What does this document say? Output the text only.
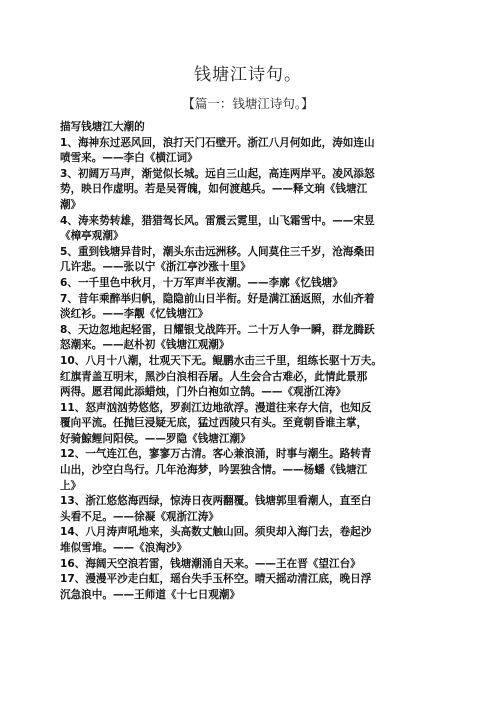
钱塘江诗句。
【篇一：钱塘江诗句。】
描写钱塘江大潮的
1、海神东过恶风回，浪打天门石壁开。浙江八月何如此，涛如连山
喷雪来。——李白《横江词》
3、初阔万马声，渐觉似长城。远自三山起，高连两岸平。凌风添怒
势，映日作虚明。若是吴胥魄，如何渡越兵。——释文珦《钱塘江
潮》
4、涛来势转雄，猎猎驾长风。雷震云霓里，山飞霜雪中。——宋昱
《樟亭观潮》
5、重到钱塘异昔时，潮头东击远洲移。人间莫住三千岁，沧海桑田
几许悲。——张以宁《浙江亭沙涨十里》
6、一千里色中秋月，十万军声半夜潮。——李廓《忆钱塘》
7、昔年乘醉举归帆，隐隐前山日半衔。好是满江涵返照，水仙齐着
淡红衫。——李觏《忆钱塘江》
8、天边忽地起轻雷，日耀银戈战阵开。二十万人争一瞬，群龙腾跃
怒潮来。——赵朴初《钱塘江观潮》
10、八月十八潮，壮观天下无。鲲鹏水击三千里，组练长驱十万夫。
红旗青盖互明末，黑沙白浪相吞屠。人生会合古难必，此情此景那
两得。愿君闻此添蜡烛，门外白袍如立鹄。——《观浙江涛》
11、怒声汹汹势悠悠，罗刹江边地欲浮。漫道往来存大信，也知反
覆向平流。任抛巨浸疑无底，猛过西陵只有头。至竟朝昏谁主掌，
好骑鯨鲤问阳侯。——罗隐《钱塘江潮》
12、一气连江色，寥寥万古清。客心兼浪涌，时事与潮生。路转青
山出，沙空白鸟行。几年沧海梦，吟罢独含情。——杨蟠《钱塘江
上》
13、浙江悠悠海西绿，惊涛日夜两翻覆。钱塘郭里看潮人，直至白
头看不足。——徐凝《观浙江涛》
14、八月涛声吼地来，头高数丈触山回。须臾却入海门去，卷起沙
堆似雪堆。——《浪淘沙》
16、海阔天空浪若雷，钱塘潮涌自天来。——王在晋《望江台》
17、漫漫平沙走白虹，瑶台失手玉杯空。晴天摇动清江底，晚日浮
沉急浪中。——王师道《十七日观潮》
